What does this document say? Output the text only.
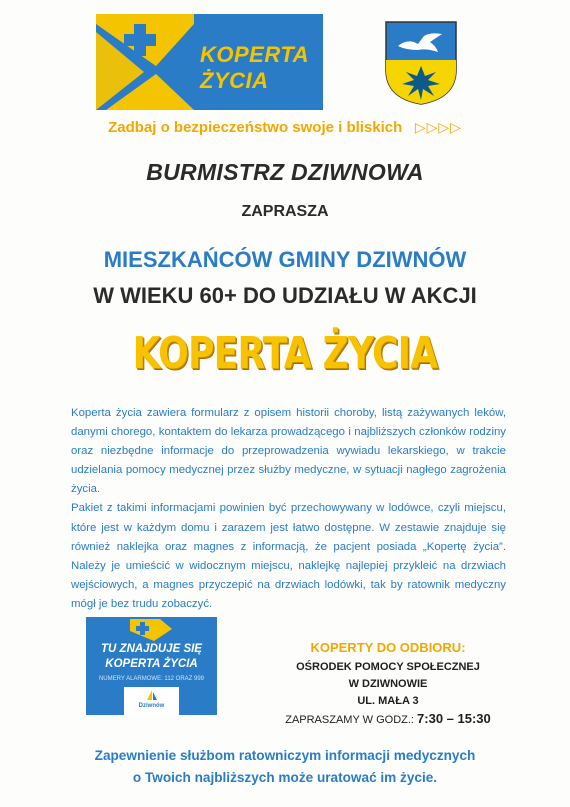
KOPERTA
ŻYCIA
Zadbaj o bezpieczeństwo swoje i bliskich ▷▷▷▷
BURMISTRZ DZIWNOWA
ZAPRASZA
MIESZKAŃCÓW GMINY DZIWNÓW
W WIEKU 60+ DO UDZIAŁU W AKCJI
KOPERTA ŻYCIA

Koperta życia zawiera formularz z opisem historii choroby, listą zażywanych leków, danymi chorego, kontaktem do lekarza prowadzącego i najbliższych członków rodziny oraz niezbędne informacje do przeprowadzenia wywiadu lekarskiego, w trakcie udzielania pomocy medycznej przez służby medyczne, w sytuacji nagłego zagrożenia życia.

Pakiet z takimi informacjami powinien być przechowywany w lodówce, czyli miejscu, które jest w każdym domu i zarazem jest łatwo dostępne. W zestawie znajduje się również naklejka oraz magnes z informacją, że pacjent posiada „Kopertę życia”. Należy je umieścić w widocznym miejscu, naklejkę najlepiej przykleić na drzwiach wejściowych, a magnes przyczepić na drzwiach lodówki, tak by ratownik medyczny mógł je bez trudu zobaczyć.

TU ZNAJDUJE SIĘ
KOPERTA ŻYCIA
NUMERY ALARMOWE: 112 ORAZ 999
Dziwnów
KOPERTY DO ODBIORU:
OŚRODEK POMOCY SPOŁECZNEJ
W DZIWNOWIE
UL. MAŁA 3
ZAPRASZAMY W GODZ.: 7:30 – 15:30
Zapewnienie służbom ratowniczym informacji medycznych
o Twoich najbliższych może uratować im życie.
